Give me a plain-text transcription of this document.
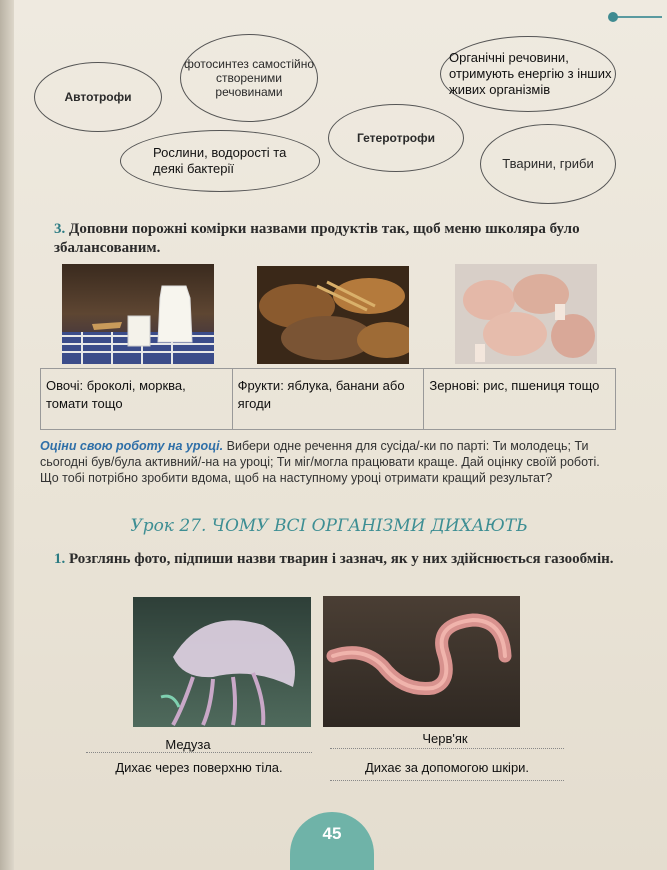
Автотрофи
фотосинтез самостійно створеними речовинами
Органічні речовини, отримують енергію з інших живих організмів
Рослини, водорості та деякі бактерії
Гетеротрофи
Тварини, гриби
3. Доповни порожні комірки назвами продуктів так, щоб меню школяра було збалансованим.
Овочі: броколі, морква, томати тощо
Фрукти: яблука, банани або ягоди
Зернові: рис, пшениця тощо
Оціни свою роботу на уроці. Вибери одне речення для сусіда/-ки по парті: Ти молодець; Ти сьогодні був/була активний/-на на уроці; Ти міг/могла працювати краще. Дай оцінку своїй роботі. Що тобі потрібно зробити вдома, щоб на наступному уроці отримати кращий результат?
Урок 27. ЧОМУ ВСІ ОРГАНІЗМИ ДИХАЮТЬ
1. Розглянь фото, підпиши назви тварин і зазнач, як у них здійснюється газообмін.
Медуза
Дихає через поверхню тіла.
Черв'як
Дихає за допомогою шкіри.
45
